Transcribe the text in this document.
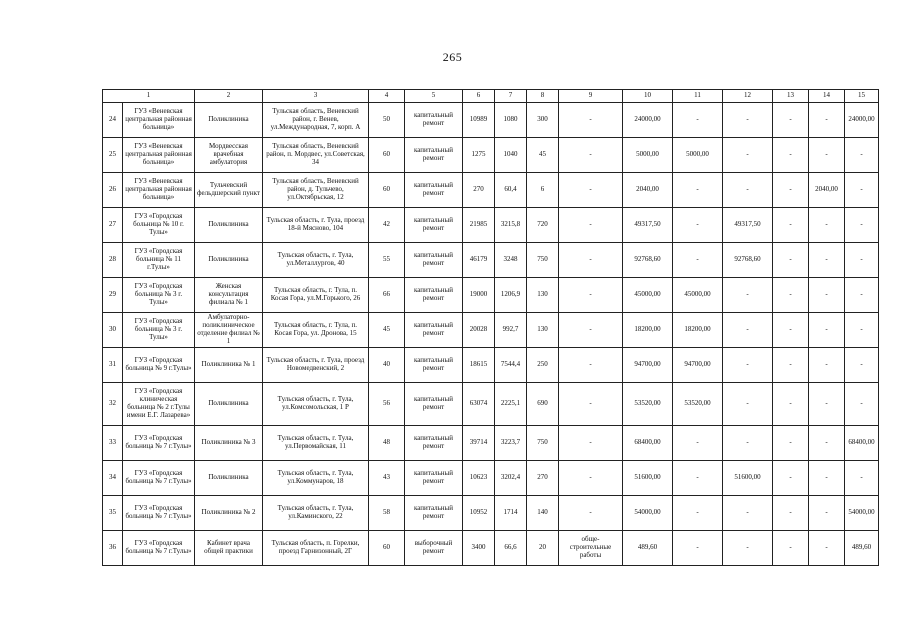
265
1		2	3	4	5	6	7	8	9	10	11	12	13	14	15
24	ГУЗ «Веневская центральная районная больница»	Поликлиника	Тульская область, Веневский район, г. Венев, ул.Международная, 7, корп. А	50	капитальный ремонт	10989	1080	300	-	24000,00	-	-	-	-	24000,00
25	ГУЗ «Веневская центральная районная больница»	Мордвесская врачебная амбулатория	Тульская область, Веневский район, п. Мордвес, ул.Советская, 34	60	капитальный ремонт	1275	1040	45	-	5000,00	5000,00	-	-	-	-
26	ГУЗ «Веневская центральная районная больница»	Тульчевский фельдшерский пункт	Тульская область, Веневский район, д. Тульчево, ул.Октябрьская, 12	60	капитальный ремонт	270	60,4	6	-	2040,00	-	-	-	2040,00	-
27	ГУЗ «Городская больница № 10 г. Тулы»	Поликлиника	Тульская область, г. Тула, проезд 18-й Мясново, 104	42	капитальный ремонт	21985	3215,8	720	-	49317,50	-	49317,50	-	-	-
28	ГУЗ «Городская больница № 11 г.Тулы»	Поликлиника	Тульская область, г. Тула, ул.Металлургов, 40	55	капитальный ремонт	46179	3248	750	-	92768,60	-	92768,60	-	-	-
29	ГУЗ «Городская больница № 3 г. Тулы»	Женская консультация филиала № 1	Тульская область, г. Тула, п. Косая Гора, ул.М.Горького, 26	66	капитальный ремонт	19000	1206,9	130	-	45000,00	45000,00	-	-	-	-
30	ГУЗ «Городская больница № 3 г. Тулы»	Амбулаторно-поликлиническое отделение филиал № 1	Тульская область, г. Тула, п. Косая Гора, ул. Дронова, 15	45	капитальный ремонт	20028	992,7	130	-	18200,00	18200,00	-	-	-	-
31	ГУЗ «Городская больница № 9 г.Тулы»	Поликлиника № 1	Тульская область, г. Тула, проезд Новомедвенский, 2	40	капитальный ремонт	18615	7544,4	250	-	94700,00	94700,00	-	-	-	-
32	ГУЗ «Городская клиническая больница № 2 г.Тулы имени Е.Г. Лазарева»	Поликлиника	Тульская область, г. Тула, ул.Комсомольская, 1 Р	56	капитальный ремонт	63074	2225,1	690	-	53520,00	53520,00	-	-	-	-
33	ГУЗ «Городская больница № 7 г.Тулы»	Поликлиника № 3	Тульская область, г. Тула, ул.Первомайская, 11	48	капитальный ремонт	39714	3223,7	750	-	68400,00	-	-	-	-	68400,00
34	ГУЗ «Городская больница № 7 г.Тулы»	Поликлиника	Тульская область, г. Тула, ул.Коммунаров, 18	43	капитальный ремонт	10623	3202,4	270	-	51600,00	-	51600,00	-	-	-
35	ГУЗ «Городская больница № 7 г.Тулы»	Поликлиника № 2	Тульская область, г. Тула, ул.Каминского, 22	58	капитальный ремонт	10952	1714	140	-	54000,00	-	-	-	-	54000,00
36	ГУЗ «Городская больница № 7 г.Тулы»	Кабинет врача общей практики	Тульская область, п. Горелки, проезд Гарнизонный, 2Г	60	выборочный ремонт	3400	66,6	20	обще-строительные работы	489,60	-	-	-	-	489,60
